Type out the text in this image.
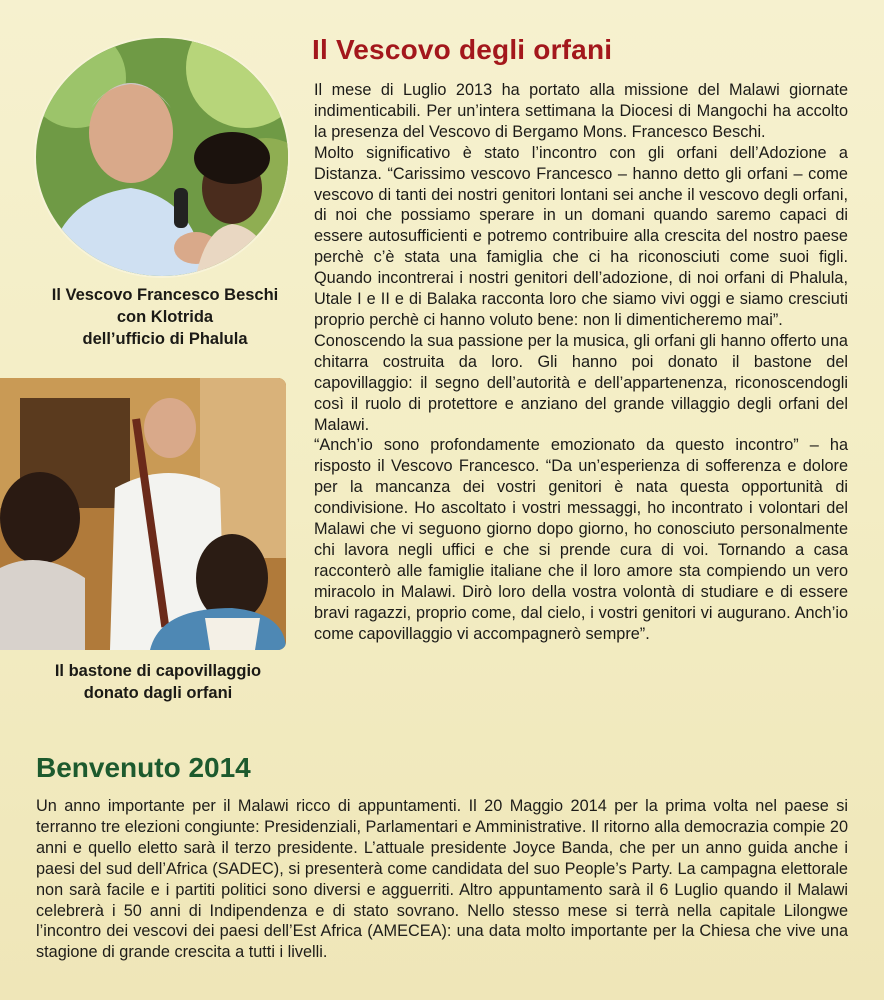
Il Vescovo Francesco Beschi
con Klotrida
dell’ufficio di Phalula
Il bastone di capovillaggio
donato dagli orfani
Il Vescovo degli orfani

Il mese di Luglio 2013 ha portato alla missione del Malawi giornate indimenticabili. Per un’intera settimana la Diocesi di Mangochi ha accolto la presenza del Vescovo di Bergamo Mons. Francesco Beschi.

Molto significativo è stato l’incontro con gli orfani dell’Adozione a Distanza. “Carissimo vescovo Francesco – hanno detto gli orfani – come vescovo di tanti dei nostri genitori lontani sei anche il vescovo degli orfani, di noi che possiamo sperare in un domani quando saremo capaci di essere autosufficienti e potremo contribuire alla crescita del nostro paese perchè c’è stata una famiglia che ci ha riconosciuti come suoi figli. Quando incontrerai i nostri genitori dell’adozione, di noi orfani di Phalula, Utale I e II e di Balaka racconta loro che siamo vivi oggi e siamo cresciuti proprio perchè ci hanno voluto bene: non li dimenticheremo mai”.

Conoscendo la sua passione per la musica, gli orfani gli hanno offerto una chitarra costruita da loro. Gli hanno poi donato il bastone del capovillaggio: il segno dell’autorità e dell’appartenenza, riconoscendogli così il ruolo di protettore e anziano del grande villaggio degli orfani del Malawi.

“Anch’io sono profondamente emozionato da questo incontro” – ha risposto il Vescovo Francesco. “Da un’esperienza di sofferenza e dolore per la mancanza dei vostri genitori è nata questa opportunità di condivisione. Ho ascoltato i vostri messaggi, ho incontrato i volontari del Malawi che vi seguono giorno dopo giorno, ho conosciuto personalmente chi lavora negli uffici e che si prende cura di voi. Tornando a casa racconterò alle famiglie italiane che il loro amore sta compiendo un vero miracolo in Malawi. Dirò loro della vostra volontà di studiare e di essere bravi ragazzi, proprio come, dal cielo, i vostri genitori vi augurano. Anch’io come capovillaggio vi accompagnerò sempre”.

Benvenuto 2014

Un anno importante per il Malawi ricco di appuntamenti. Il 20 Maggio 2014 per la prima volta nel paese si terranno tre elezioni congiunte: Presidenziali, Parlamentari e Amministrative. Il ritorno alla democrazia compie 20 anni e quello eletto sarà il terzo presidente. L’attuale presidente Joyce Banda, che per un anno guida anche i paesi del sud dell’Africa (SADEC), si presenterà come candidata del suo People’s Party. La campagna elettorale non sarà facile e i partiti politici sono diversi e agguerriti. Altro appuntamento sarà il 6 Luglio quando il Malawi celebrerà i 50 anni di Indipendenza e di stato sovrano. Nello stesso mese si terrà nella capitale Lilongwe l’incontro dei vescovi dei paesi dell’Est Africa (AMECEA): una data molto importante per la Chiesa che vive una stagione di grande crescita a tutti i livelli.
